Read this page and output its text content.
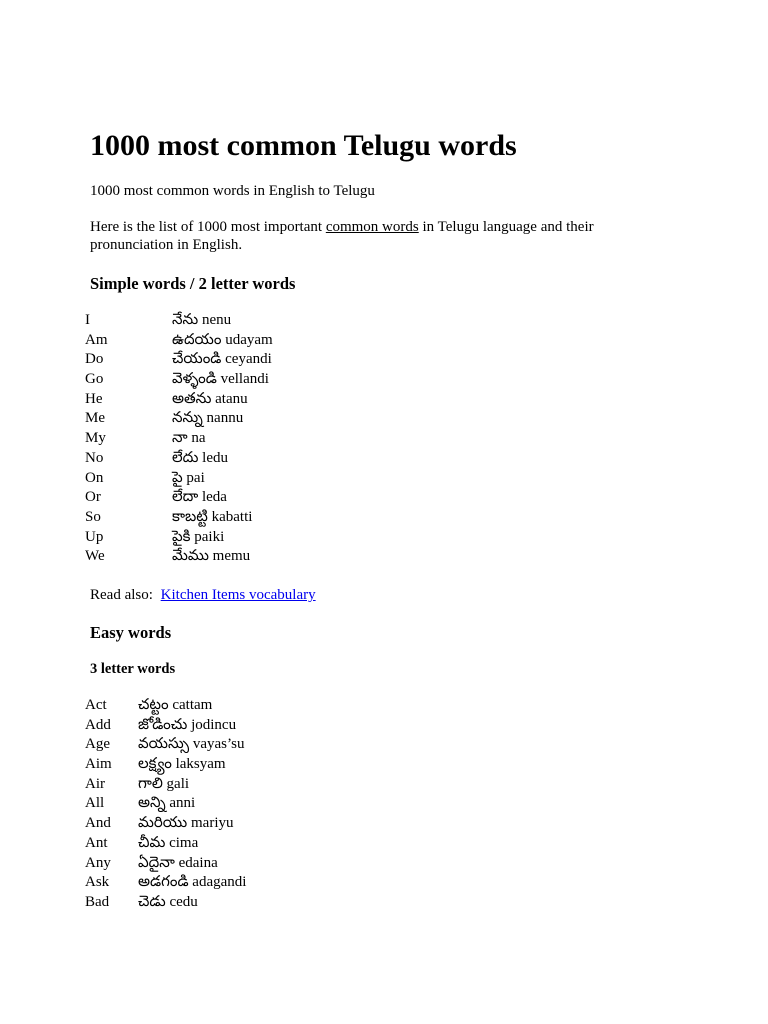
1000 most common Telugu words

1000 most common words in English to Telugu

Here is the list of 1000 most important common words in Telugu language and their pronunciation in English.

Simple words / 2 letter words
I	నేను nenu
Am	ఉదయం udayam
Do	చేయండి ceyandi
Go	వెళ్ళండి vellandi
He	అతను atanu
Me	నన్ను nannu
My	నా na
No	లేదు ledu
On	పై pai
Or	లేదా leda
So	కాబట్టి kabatti
Up	పైకి paiki
We	మేము memu

Read also: Kitchen Items vocabulary

Easy words
3 letter words
Act	చట్టం cattam
Add	జోడించు jodincu
Age	వయస్సు vayas’su
Aim	లక్ష్యం laksyam
Air	గాలి gali
All	అన్ని anni
And	మరియు mariyu
Ant	చీమ cima
Any	ఏదైనా edaina
Ask	అడగండి adagandi
Bad	చెడు cedu
